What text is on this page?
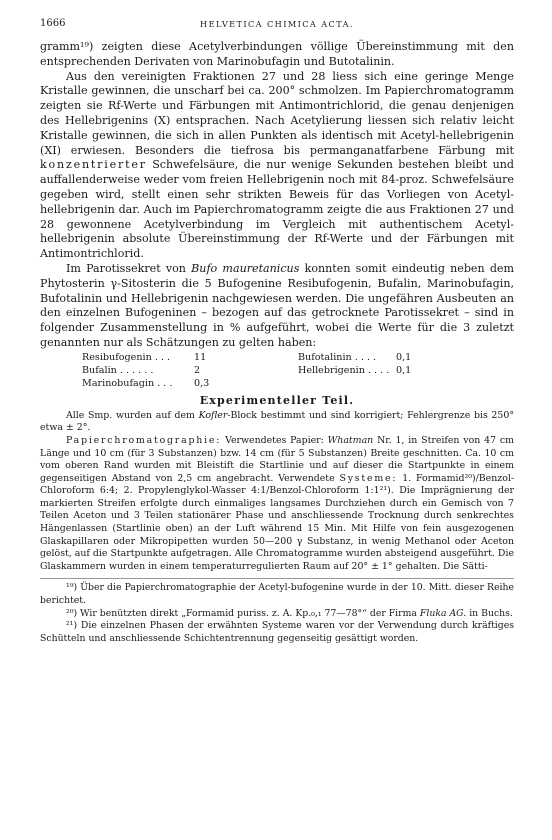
1666	HELVETICA CHIMICA ACTA.

gramm¹⁹) zeigten diese Acetylverbindungen völlige Übereinstimmung mit den entsprechenden Derivaten von Marinobufagin und Butotalinin.

Aus den vereinigten Fraktionen 27 und 28 liess sich eine geringe Menge Kristalle gewinnen, die unscharf bei ca. 200° schmolzen. Im Papierchromatogramm zeigten sie Rf-Werte und Färbungen mit Antimontrichlorid, die genau denjenigen des Hellebrigenins (X) entsprachen. Nach Acetylierung liessen sich relativ leicht Kristalle gewinnen, die sich in allen Punkten als identisch mit Acetyl-hellebrigenin (XI) erwiesen. Besonders die tiefrosa bis permanganatfarbene Färbung mit konzentrierter Schwefelsäure, die nur wenige Sekunden bestehen bleibt und auffallenderweise weder vom freien Hellebrigenin noch mit 84-proz. Schwefelsäure gegeben wird, stellt einen sehr strikten Beweis für das Vorliegen von Acetyl-hellebrigenin dar. Auch im Papierchromatogramm zeigte die aus Fraktionen 27 und 28 gewonnene Acetylverbindung im Vergleich mit authentischem Acetyl-hellebrigenin absolute Übereinstimmung der Rf-Werte und der Färbungen mit Antimontrichlorid.

Im Parotissekret von Bufo mauretanicus konnten somit eindeutig neben dem Phytosterin γ-Sitosterin die 5 Bufogenine Resibufogenin, Bufalin, Marinobufagin, Bufotalinin und Hellebrigenin nachgewiesen werden. Die ungefähren Ausbeuten an den einzelnen Bufogeninen – bezogen auf das getrocknete Parotissekret – sind in folgender Zusammenstellung in % aufgeführt, wobei die Werte für die 3 zuletzt genannten nur als Schätzungen zu gelten haben:

Resibufogenin . . .	11	Bufotalinin . . . .	0,1
Bufalin . . . . . .	2	Hellebrigenin . . . .	0,1
Marinobufagin . . .	0,3		
Experimenteller Teil.

Alle Smp. wurden auf dem Kofler-Block bestimmt und sind korrigiert; Fehlergrenze bis 250° etwa ± 2°.

Papierchromatographie: Verwendetes Papier: Whatman Nr. 1, in Streifen von 47 cm Länge und 10 cm (für 3 Substanzen) bzw. 14 cm (für 5 Substanzen) Breite geschnitten. Ca. 10 cm vom oberen Rand wurden mit Bleistift die Startlinie und auf dieser die Startpunkte in einem gegenseitigen Abstand von 2,5 cm angebracht. Verwendete Systeme: 1. Formamid²⁰)/Benzol-Chloroform 6:4; 2. Propylenglykol-Wasser 4:1/Benzol-Chloroform 1:1²¹). Die Imprägnierung der markierten Streifen erfolgte durch einmaliges langsames Durchziehen durch ein Gemisch von 7 Teilen Aceton und 3 Teilen stationärer Phase und anschliessende Trocknung durch senkrechtes Hängenlassen (Startlinie oben) an der Luft während 15 Min. Mit Hilfe von fein ausgezogenen Glaskapillaren oder Mikropipetten wurden 50—200 γ Substanz, in wenig Methanol oder Aceton gelöst, auf die Startpunkte aufgetragen. Alle Chromatogramme wurden absteigend ausgeführt. Die Glaskammern wurden in einem temperaturregulierten Raum auf 20° ± 1° gehalten. Die Sätti-

¹⁹) Über die Papierchromatographie der Acetyl-bufogenine wurde in der 10. Mitt. dieser Reihe berichtet.

²⁰) Wir benützten direkt „Formamid puriss. z. A. Kp.₀,₁ 77—78°“ der Firma Fluka AG. in Buchs.

²¹) Die einzelnen Phasen der erwähnten Systeme waren vor der Verwendung durch kräftiges Schütteln und anschliessende Schichtentrennung gegenseitig gesättigt worden.
